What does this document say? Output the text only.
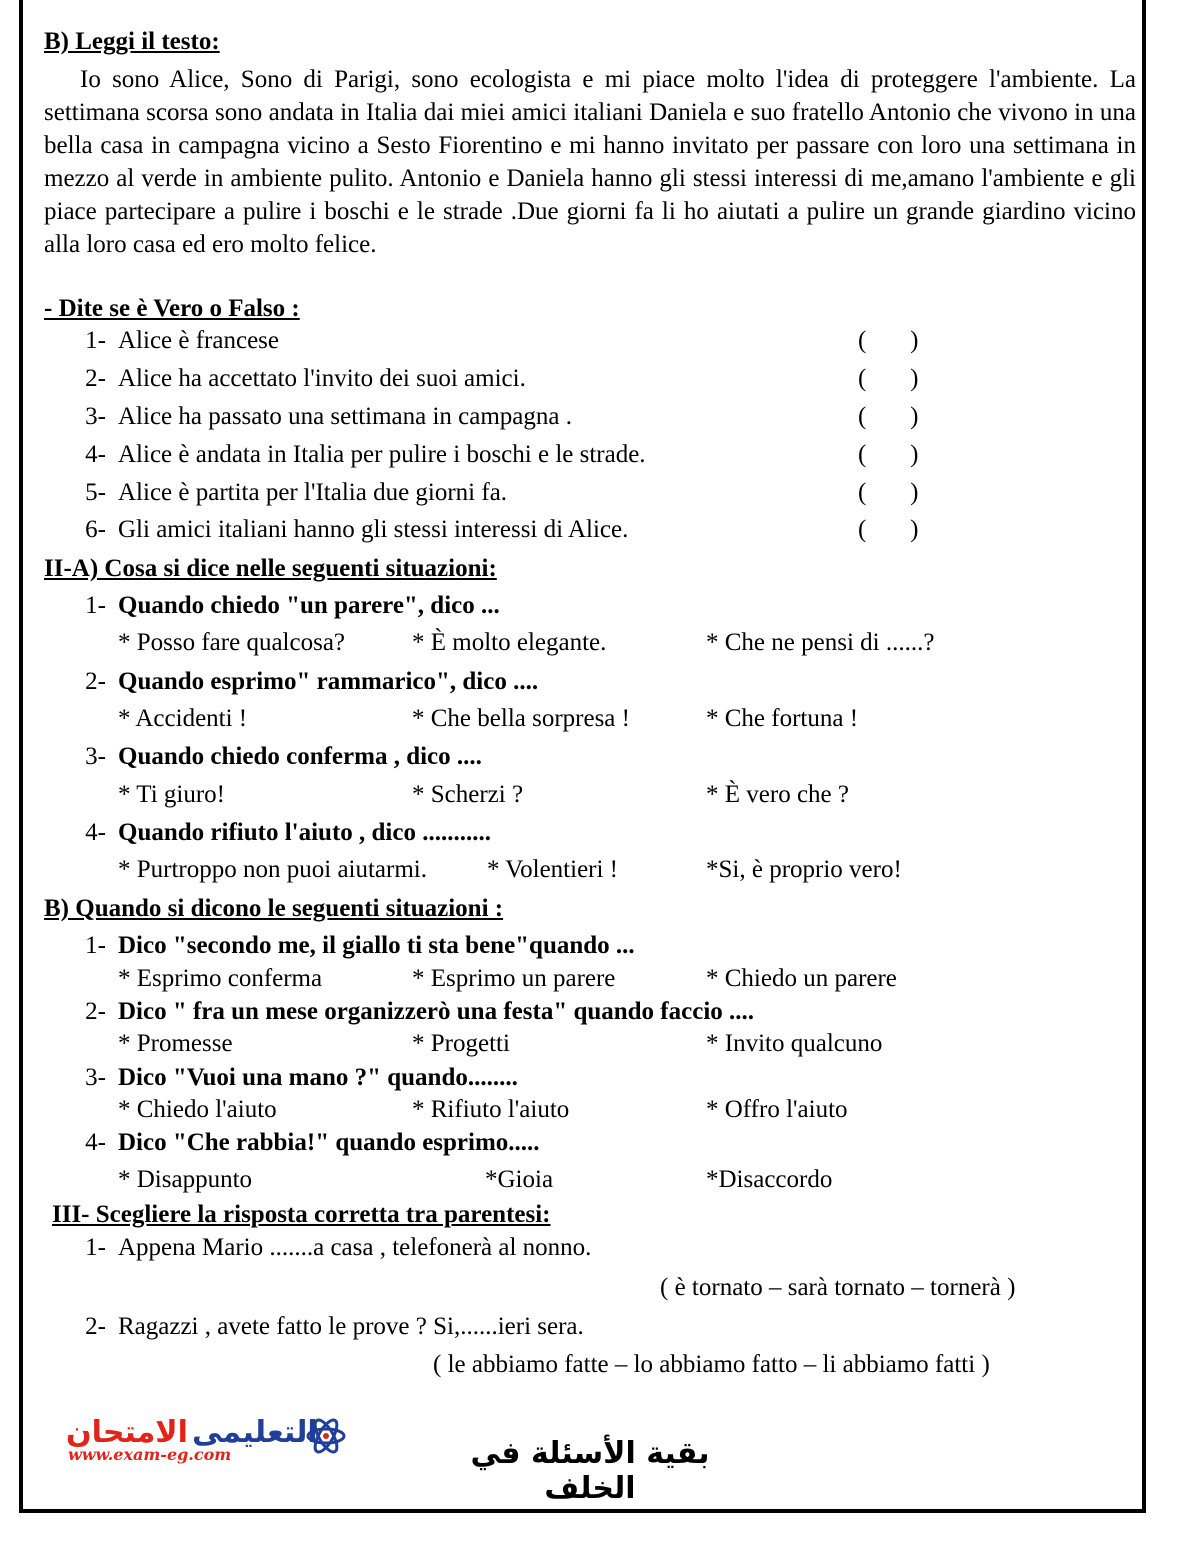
B) Leggi il testo:
Io sono Alice, Sono di Parigi, sono ecologista e mi piace molto l'idea di proteggere l'ambiente. La settimana scorsa sono andata in Italia dai miei amici italiani Daniela e suo fratello Antonio che vivono in una bella casa in campagna vicino a Sesto Fiorentino e mi hanno invitato per passare con loro una settimana in mezzo al verde in ambiente pulito. Antonio e Daniela hanno gli stessi interessi di me,amano l'ambiente e gli piace partecipare a pulire i boschi e le strade .Due giorni fa li ho aiutati a pulire un grande giardino vicino alla loro casa ed ero molto felice.
- Dite se è Vero o Falso :
1- Alice è francese	(       )
2- Alice ha accettato l'invito dei suoi amici.	(       )
3- Alice ha passato una settimana in campagna .	(       )
4- Alice è andata in Italia per pulire i boschi e le strade.	(       )
5- Alice è partita per l'Italia due giorni fa.	(       )
6- Gli amici italiani hanno gli stessi interessi di Alice.	(       )
II-A) Cosa si dice nelle seguenti situazioni:
1- Quando chiedo "un parere", dico ...
* Posso fare qualcosa?	* È molto elegante.	* Che ne pensi di ......?
2- Quando esprimo" rammarico", dico ....
* Accidenti !	* Che bella sorpresa !	* Che fortuna !
3- Quando chiedo conferma , dico ....
* Ti giuro!	* Scherzi ?	* È vero che ?
4- Quando rifiuto l'aiuto , dico ...........
* Purtroppo non puoi aiutarmi. * Volentieri !	*Si, è proprio vero!
B) Quando si dicono le seguenti situazioni :
1- Dico "secondo me, il giallo ti sta bene"quando ...
* Esprimo conferma	* Esprimo un parere	* Chiedo un parere
2- Dico " fra un mese organizzerò una festa" quando faccio ....
* Promesse	* Progetti	* Invito qualcuno
3- Dico "Vuoi una mano ?" quando........
* Chiedo l'aiuto	* Rifiuto l'aiuto	* Offro l'aiuto
4- Dico "Che rabbia!" quando esprimo.....
* Disappunto	*Gioia	*Disaccordo
III- Scegliere la risposta corretta tra parentesi:
1- Appena Mario .......a casa , telefonerà al nonno.
( è tornato – sarà tornato – tornerà )
2- Ragazzi , avete fatto le prove ? Si,......ieri sera.
( le abbiamo fatte – lo abbiamo fatto – li abbiamo fatti )
الامتحان التعليمى
www.exam-eg.com	بقية الأسئلة في الخلف
